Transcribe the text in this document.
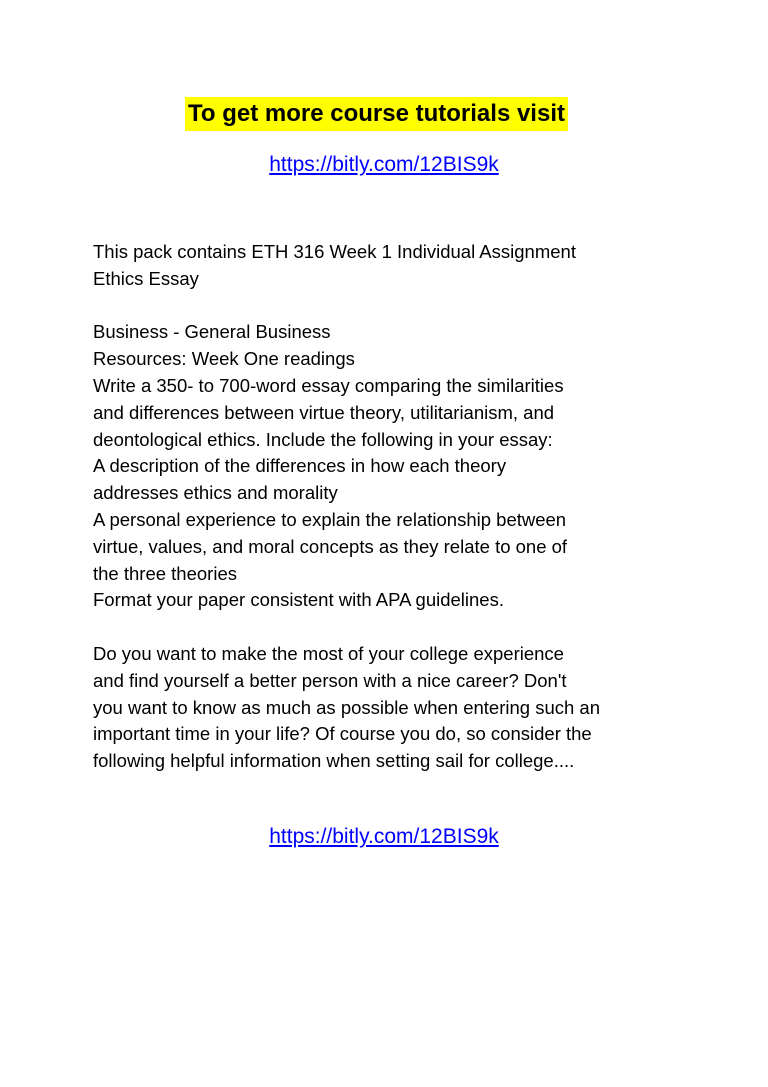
To get more course tutorials visit
https://bitly.com/12BIS9k
This pack contains ETH 316 Week 1 Individual Assignment
Ethics Essay
Business - General Business
Resources: Week One readings
Write a 350- to 700-word essay comparing the similarities
and differences between virtue theory, utilitarianism, and
deontological ethics. Include the following in your essay:
A description of the differences in how each theory
addresses ethics and morality
A personal experience to explain the relationship between
virtue, values, and moral concepts as they relate to one of
the three theories
Format your paper consistent with APA guidelines.
Do you want to make the most of your college experience
and find yourself a better person with a nice career? Don't
you want to know as much as possible when entering such an
important time in your life? Of course you do, so consider the
following helpful information when setting sail for college....
https://bitly.com/12BIS9k
